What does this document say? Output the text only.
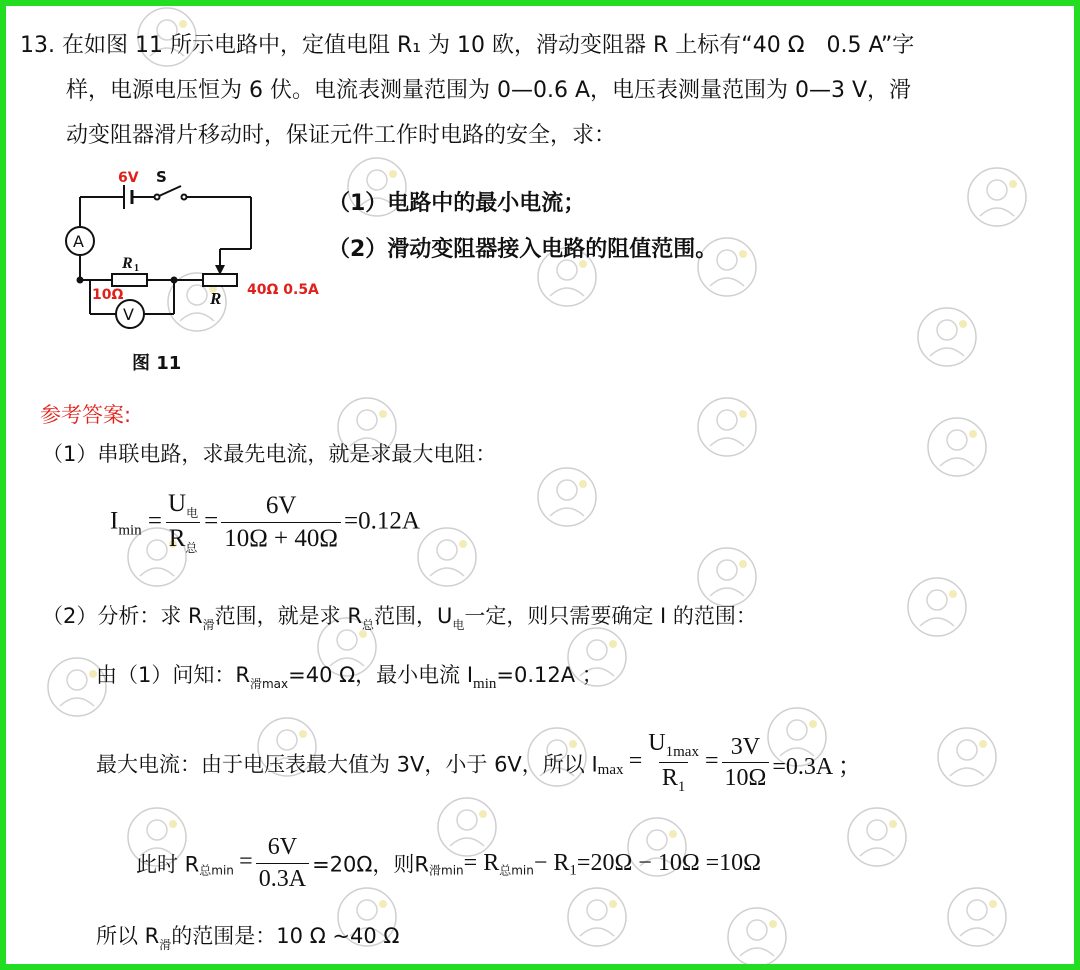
13. 在如图 11 所示电路中，定值电阻 R₁ 为 10 欧，滑动变阻器 R 上标有“40 Ω　0.5 A”字
样，电源电压恒为 6 伏。电流表测量范围为 0—0.6 A，电压表测量范围为 0—3 V，滑
动变阻器滑片移动时，保证元件工作时电路的安全，求：
（1）电路中的最小电流；
（2）滑动变阻器接入电路的阻值范围。
6V S
A
V
R 1
10Ω	R 40Ω 0.5A
图 11
参考答案:
（1）串联电路，求最先电流，就是求最大电阻：
$I_{min} = \frac{U_电}{R_总} = \frac{6V}{10\Omega + 40\Omega} =0.12A$
（2）分析：求 $R_滑$范围，就是求 $R_总$范围，$U_电$一定，则只需要确定 I 的范围：
由（1）问知：$R_{滑max}=40$ Ω，最小电流 $I_{min}=0.12A$ ；
最大电流：由于电压表最大值为 3V，小于 6V，所以 $I_{max} = \frac{U_{1max}}{R_1} = \frac{3V}{10\Omega} =0.3A$ ；
此时 $R_{总min} = \frac{6V}{0.3A} =20\Omega$，则$R_{滑min}= R_{总min}- R_1=20\Omega - 10\Omega =10\Omega$
所以 $R_滑$的范围是：10 Ω ~40 Ω
